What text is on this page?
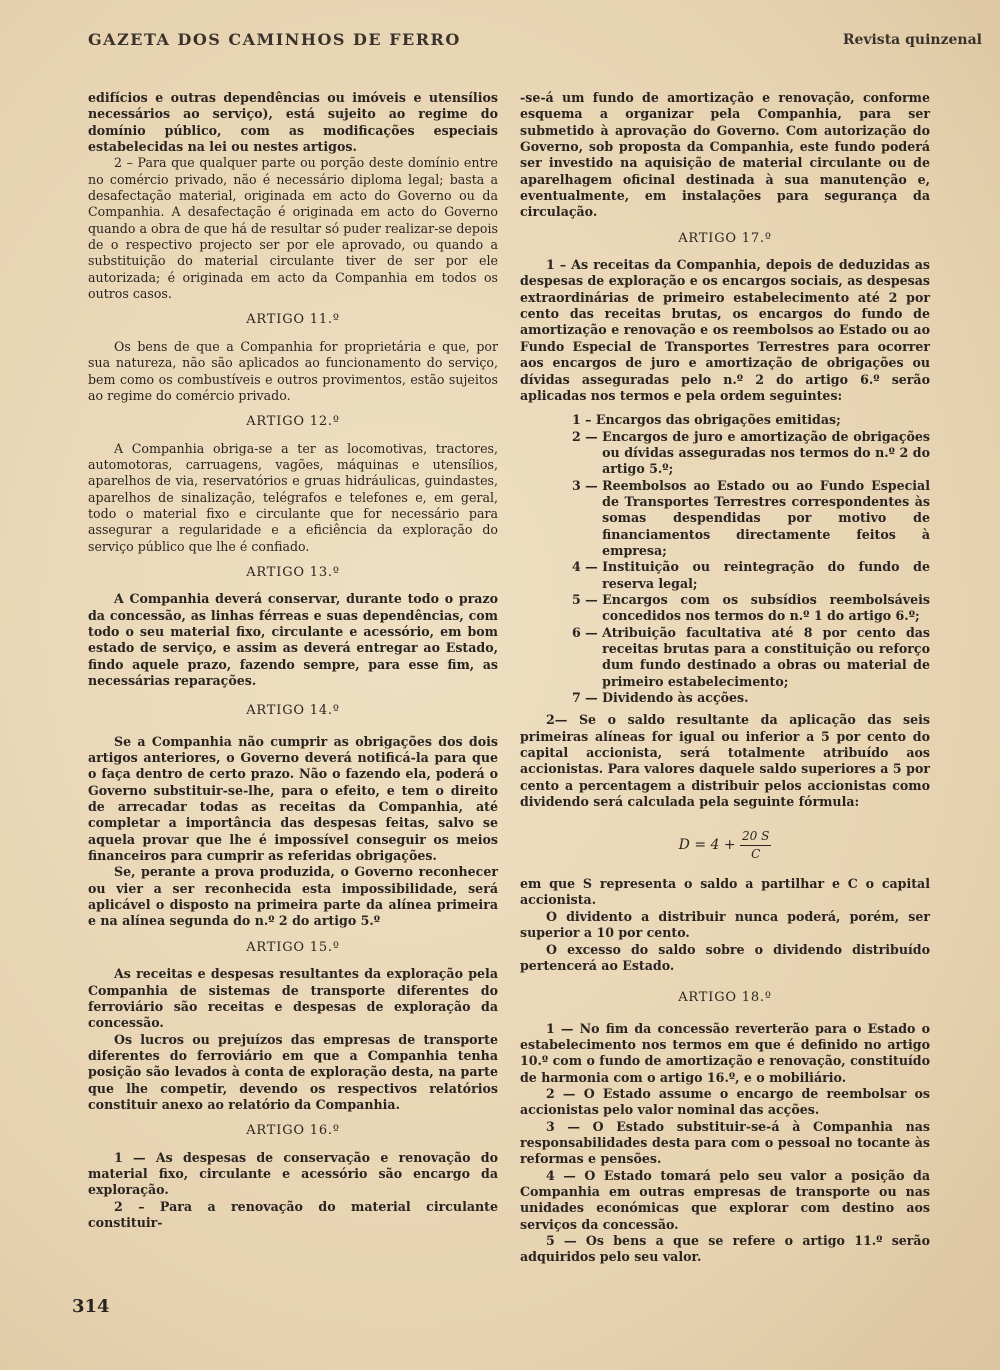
GAZETA DOS CAMINHOS DE FERRO	Revista quinzenal

edifícios e outras dependências ou imóveis e utensílios necessários ao serviço), está sujeito ao regime do domínio público, com as modificações especiais estabelecidas na lei ou nestes artigos.

2 – Para que qualquer parte ou porção deste domínio entre no comércio privado, não é necessário diploma legal; basta a desafectação material, originada em acto do Governo ou da Companhia. A desafectação é originada em acto do Governo quando a obra de que há de resultar só puder realizar-se depois de o respectivo projecto ser por ele aprovado, ou quando a substituição do material circulante tiver de ser por ele autorizada; é originada em acto da Companhia em todos os outros casos.

ARTIGO 11.º

Os bens de que a Companhia for proprietária e que, por sua natureza, não são aplicados ao funcionamento do serviço, bem como os combustíveis e outros provimentos, estão sujeitos ao regime do comércio privado.

ARTIGO 12.º

A Companhia obriga-se a ter as locomotivas, tractores, automotoras, carruagens, vagões, máquinas e utensílios, aparelhos de via, reservatórios e gruas hidráulicas, guindastes, aparelhos de sinalização, telégrafos e telefones e, em geral, todo o material fixo e circulante que for necessário para assegurar a regularidade e a eficiência da exploração do serviço público que lhe é confiado.

ARTIGO 13.º

A Companhia deverá conservar, durante todo o prazo da concessão, as linhas férreas e suas dependências, com todo o seu material fixo, circulante e acessório, em bom estado de serviço, e assim as deverá entregar ao Estado, findo aquele prazo, fazendo sempre, para esse fim, as necessárias reparações.

ARTIGO 14.º

Se a Companhia não cumprir as obrigações dos dois artigos anteriores, o Governo deverá notificá-la para que o faça dentro de certo prazo. Não o fazendo ela, poderá o Governo substituir-se-lhe, para o efeito, e tem o direito de arrecadar todas as receitas da Companhia, até completar a importância das despesas feitas, salvo se aquela provar que lhe é impossível conseguir os meios financeiros para cumprir as referidas obrigações.

Se, perante a prova produzida, o Governo reconhecer ou vier a ser reconhecida esta impossibilidade, será aplicável o disposto na primeira parte da alínea primeira e na alínea segunda do n.º 2 do artigo 5.º

ARTIGO 15.º

As receitas e despesas resultantes da exploração pela Companhia de sistemas de transporte diferentes do ferroviário são receitas e despesas de exploração da concessão.

Os lucros ou prejuízos das empresas de transporte diferentes do ferroviário em que a Companhia tenha posição são levados à conta de exploração desta, na parte que lhe competir, devendo os respectivos relatórios constituir anexo ao relatório da Companhia.

ARTIGO 16.º

1 — As despesas de conservação e renovação do material fixo, circulante e acessório são encargo da exploração.

2 – Para a renovação do material circulante constituir-

-se-á um fundo de amortização e renovação, conforme esquema a organizar pela Companhia, para ser submetido à aprovação do Governo. Com autorização do Governo, sob proposta da Companhia, este fundo poderá ser investido na aquisição de material circulante ou de aparelhagem oficinal destinada à sua manutenção e, eventualmente, em instalações para segurança da circulação.

ARTIGO 17.º

1 – As receitas da Companhia, depois de deduzidas as despesas de exploração e os encargos sociais, as despesas extraordinárias de primeiro estabelecimento até 2 por cento das receitas brutas, os encargos do fundo de amortização e renovação e os reembolsos ao Estado ou ao Fundo Especial de Transportes Terrestres para ocorrer aos encargos de juro e amortização de obrigações ou dívidas asseguradas pelo n.º 2 do artigo 6.º serão aplicadas nos termos e pela ordem seguintes:

1 – Encargos das obrigações emitidas;
2 — Encargos de juro e amortização de obrigações ou dívidas asseguradas nos termos do n.º 2 do artigo 5.º;
3 — Reembolsos ao Estado ou ao Fundo Especial de Transportes Terrestres correspondentes às somas despendidas por motivo de financiamentos directamente feitos à empresa;
4 — Instituição ou reintegração do fundo de reserva legal;
5 — Encargos com os subsídios reembolsáveis concedidos nos termos do n.º 1 do artigo 6.º;
6 — Atribuição facultativa até 8 por cento das receitas brutas para a constituição ou reforço dum fundo destinado a obras ou material de primeiro estabelecimento;
7 — Dividendo às acções.

2— Se o saldo resultante da aplicação das seis primeiras alíneas for igual ou inferior a 5 por cento do capital accionista, será totalmente atribuído aos accionistas. Para valores daquele saldo superiores a 5 por cento a percentagem a distribuir pelos accionistas como dividendo será calculada pela seguinte fórmula:

$D = 4 + \frac{20 S}{C}$

em que S representa o saldo a partilhar e C o capital accionista.

O dividento a distribuir nunca poderá, porém, ser superior a 10 por cento.

O excesso do saldo sobre o dividendo distribuído pertencerá ao Estado.

ARTIGO 18.º

1 — No fim da concessão reverterão para o Estado o estabelecimento nos termos em que é definido no artigo 10.º com o fundo de amortização e renovação, constituído de harmonia com o artigo 16.º, e o mobiliário.

2 — O Estado assume o encargo de reembolsar os accionistas pelo valor nominal das acções.

3 — O Estado substituir-se-á à Companhia nas responsabilidades desta para com o pessoal no tocante às reformas e pensões.

4 — O Estado tomará pelo seu valor a posição da Companhia em outras empresas de transporte ou nas unidades económicas que explorar com destino aos serviços da concessão.

5 — Os bens a que se refere o artigo 11.º serão adquiridos pelo seu valor.

314
